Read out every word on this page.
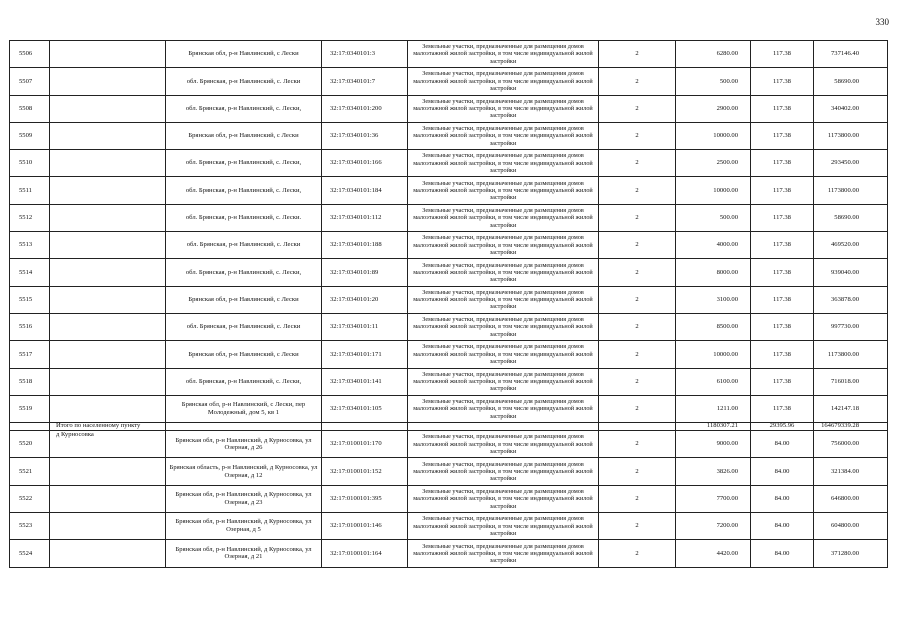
330
5506		Брянская обл, р-н Навлинский, с Лески	32:17:0340101:3	Земельные участки, предназначенные для размещения домов малоэтажной жилой застройки, в том числе индивидуальной жилой застройки	2	6280.00	117.38	737146.40
5507		обл. Брянская, р-н Навлинский, с. Лески	32:17:0340101:7	Земельные участки, предназначенные для размещения домов малоэтажной жилой застройки, в том числе индивидуальной жилой застройки	2	500.00	117.38	58690.00
5508		обл. Брянская, р-н Навлинский, с. Лески,	32:17:0340101:200	Земельные участки, предназначенные для размещения домов малоэтажной жилой застройки, в том числе индивидуальной жилой застройки	2	2900.00	117.38	340402.00
5509		Брянская обл, р-н Навлинский, с Лески	32:17:0340101:36	Земельные участки, предназначенные для размещения домов малоэтажной жилой застройки, в том числе индивидуальной жилой застройки	2	10000.00	117.38	1173800.00
5510		обл. Брянская, р-н Навлинский, с. Лески,	32:17:0340101:166	Земельные участки, предназначенные для размещения домов малоэтажной жилой застройки, в том числе индивидуальной жилой застройки	2	2500.00	117.38	293450.00
5511		обл. Брянская, р-н Навлинский, с. Лески,	32:17:0340101:184	Земельные участки, предназначенные для размещения домов малоэтажной жилой застройки, в том числе индивидуальной жилой застройки	2	10000.00	117.38	1173800.00
5512		обл. Брянская, р-н Навлинский, с. Лески.	32:17:0340101:112	Земельные участки, предназначенные для размещения домов малоэтажной жилой застройки, в том числе индивидуальной жилой застройки	2	500.00	117.38	58690.00
5513		обл. Брянская, р-н Навлинский, с. Лески	32:17:0340101:188	Земельные участки, предназначенные для размещения домов малоэтажной жилой застройки, в том числе индивидуальной жилой застройки	2	4000.00	117.38	469520.00
5514		обл. Брянская, р-н Навлинский, с. Лески,	32:17:0340101:89	Земельные участки, предназначенные для размещения домов малоэтажной жилой застройки, в том числе индивидуальной жилой застройки	2	8000.00	117.38	939040.00
5515		Брянская обл, р-н Навлинский, с Лески	32:17:0340101:20	Земельные участки, предназначенные для размещения домов малоэтажной жилой застройки, в том числе индивидуальной жилой застройки	2	3100.00	117.38	363878.00
5516		обл. Брянская, р-н Навлинский, с. Лески	32:17:0340101:11	Земельные участки, предназначенные для размещения домов малоэтажной жилой застройки, в том числе индивидуальной жилой застройки	2	8500.00	117.38	997730.00
5517		Брянская обл, р-н Навлинский, с Лески	32:17:0340101:171	Земельные участки, предназначенные для размещения домов малоэтажной жилой застройки, в том числе индивидуальной жилой застройки	2	10000.00	117.38	1173800.00
5518		обл. Брянская, р-н Навлинский, с. Лески,	32:17:0340101:141	Земельные участки, предназначенные для размещения домов малоэтажной жилой застройки, в том числе индивидуальной жилой застройки	2	6100.00	117.38	716018.00
5519		Брянская обл, р-н Навлинский, с Лески, пер Молодежный, дом 5, кв 1	32:17:0340101:105	Земельные участки, предназначенные для размещения домов малоэтажной жилой застройки, в том числе индивидуальной жилой застройки	2	1211.00	117.38	142147.18
	Итого по населенному пункту					1180307.21	29395.96	164679339.28
5520	д Курносовка	Брянская обл, р-н Навлинский, д Курносовка, ул Озерная, д 26	32:17:0100101:170	Земельные участки, предназначенные для размещения домов малоэтажной жилой застройки, в том числе индивидуальной жилой застройки	2	9000.00	84.00	756000.00
5521		Брянская область, р-н Навлинский, д Курносовка, ул Озерная, д 12	32:17:0100101:152	Земельные участки, предназначенные для размещения домов малоэтажной жилой застройки, в том числе индивидуальной жилой застройки	2	3826.00	84.00	321384.00
5522		Брянская обл, р-н Навлинский, д Курносовка, ул Озерная, д 23	32:17:0100101:395	Земельные участки, предназначенные для размещения домов малоэтажной жилой застройки, в том числе индивидуальной жилой застройки	2	7700.00	84.00	646800.00
5523		Брянская обл, р-н Навлинский, д Курносовка, ул Озерная, д 5	32:17:0100101:146	Земельные участки, предназначенные для размещения домов малоэтажной жилой застройки, в том числе индивидуальной жилой застройки	2	7200.00	84.00	604800.00
5524		Брянская обл, р-н Навлинский, д Курносовка, ул Озерная, д 21	32:17:0100101:164	Земельные участки, предназначенные для размещения домов малоэтажной жилой застройки, в том числе индивидуальной жилой застройки	2	4420.00	84.00	371280.00
